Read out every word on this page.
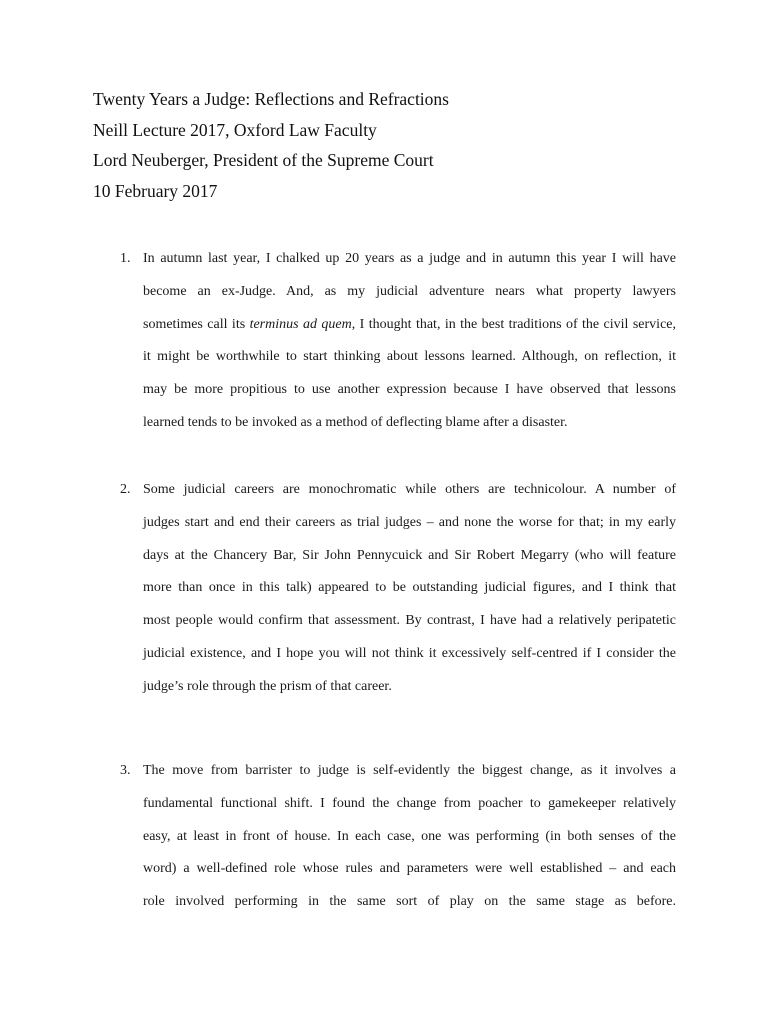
Twenty Years a Judge: Reflections and Refractions
Neill Lecture 2017, Oxford Law Faculty
Lord Neuberger, President of the Supreme Court
10 February 2017
1. In autumn last year, I chalked up 20 years as a judge and in autumn this year I will have
become an ex-Judge. And, as my judicial adventure nears what property lawyers
sometimes call its terminus ad quem, I thought that, in the best traditions of the civil service,
it might be worthwhile to start thinking about lessons learned. Although, on reflection, it
may be more propitious to use another expression because I have observed that lessons
learned tends to be invoked as a method of deflecting blame after a disaster.
2. Some judicial careers are monochromatic while others are technicolour. A number of
judges start and end their careers as trial judges – and none the worse for that; in my early
days at the Chancery Bar, Sir John Pennycuick and Sir Robert Megarry (who will feature
more than once in this talk) appeared to be outstanding judicial figures, and I think that
most people would confirm that assessment. By contrast, I have had a relatively peripatetic
judicial existence, and I hope you will not think it excessively self-centred if I consider the
judge’s role through the prism of that career.
3. The move from barrister to judge is self-evidently the biggest change, as it involves a
fundamental functional shift. I found the change from poacher to gamekeeper relatively
easy, at least in front of house. In each case, one was performing (in both senses of the
word) a well-defined role whose rules and parameters were well established – and each
role involved performing in the same sort of play on the same stage as before.
